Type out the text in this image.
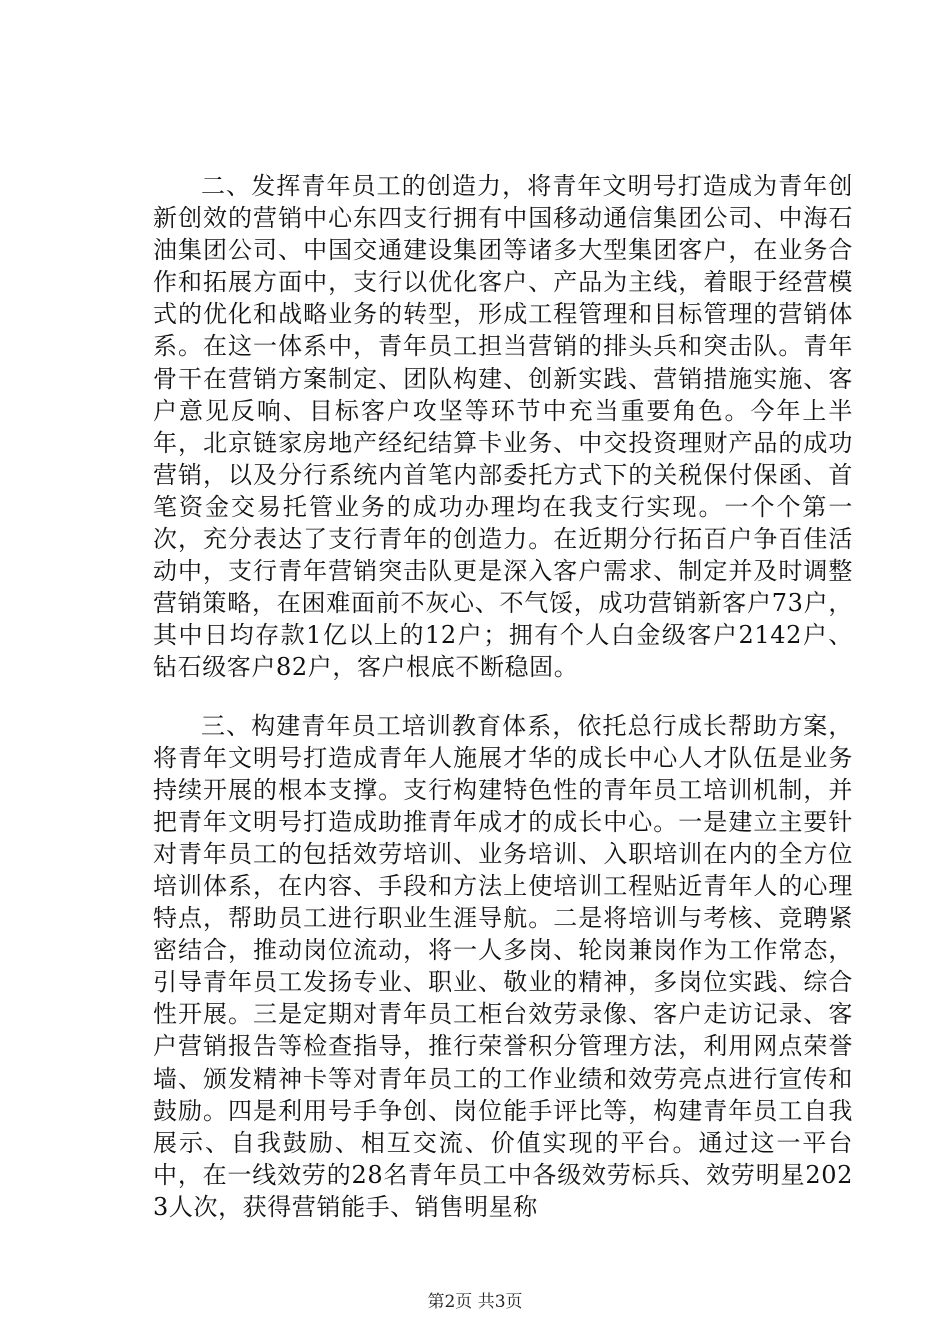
二、发挥青年员工的创造力，将青年文明号打造成为青年创新创效的营销中心东四支行拥有中国移动通信集团公司、中海石油集团公司、中国交通建设集团等诸多大型集团客户，在业务合作和拓展方面中，支行以优化客户、产品为主线，着眼于经营模式的优化和战略业务的转型，形成工程管理和目标管理的营销体系。在这一体系中，青年员工担当营销的排头兵和突击队。青年骨干在营销方案制定、团队构建、创新实践、营销措施实施、客户意见反响、目标客户攻坚等环节中充当重要角色。今年上半年，北京链家房地产经纪结算卡业务、中交投资理财产品的成功营销，以及分行系统内首笔内部委托方式下的关税保付保函、首笔资金交易托管业务的成功办理均在我支行实现。一个个第一次，充分表达了支行青年的创造力。在近期分行拓百户争百佳活动中，支行青年营销突击队更是深入客户需求、制定并及时调整营销策略，在困难面前不灰心、不气馁，成功营销新客户73户，其中日均存款1亿以上的12户；拥有个人白金级客户2142户、钻石级客户82户，客户根底不断稳固。

三、构建青年员工培训教育体系，依托总行成长帮助方案，将青年文明号打造成青年人施展才华的成长中心人才队伍是业务持续开展的根本支撑。支行构建特色性的青年员工培训机制，并把青年文明号打造成助推青年成才的成长中心。一是建立主要针对青年员工的包括效劳培训、业务培训、入职培训在内的全方位培训体系，在内容、手段和方法上使培训工程贴近青年人的心理特点，帮助员工进行职业生涯导航。二是将培训与考核、竞聘紧密结合，推动岗位流动，将一人多岗、轮岗兼岗作为工作常态，引导青年员工发扬专业、职业、敬业的精神，多岗位实践、综合性开展。三是定期对青年员工柜台效劳录像、客户走访记录、客户营销报告等检查指导，推行荣誉积分管理方法，利用网点荣誉墙、颁发精神卡等对青年员工的工作业绩和效劳亮点进行宣传和鼓励。四是利用号手争创、岗位能手评比等，构建青年员工自我展示、自我鼓励、相互交流、价值实现的平台。通过这一平台中，在一线效劳的28名青年员工中各级效劳标兵、效劳明星2023人次，获得营销能手、销售明星称

第2页 共3页
